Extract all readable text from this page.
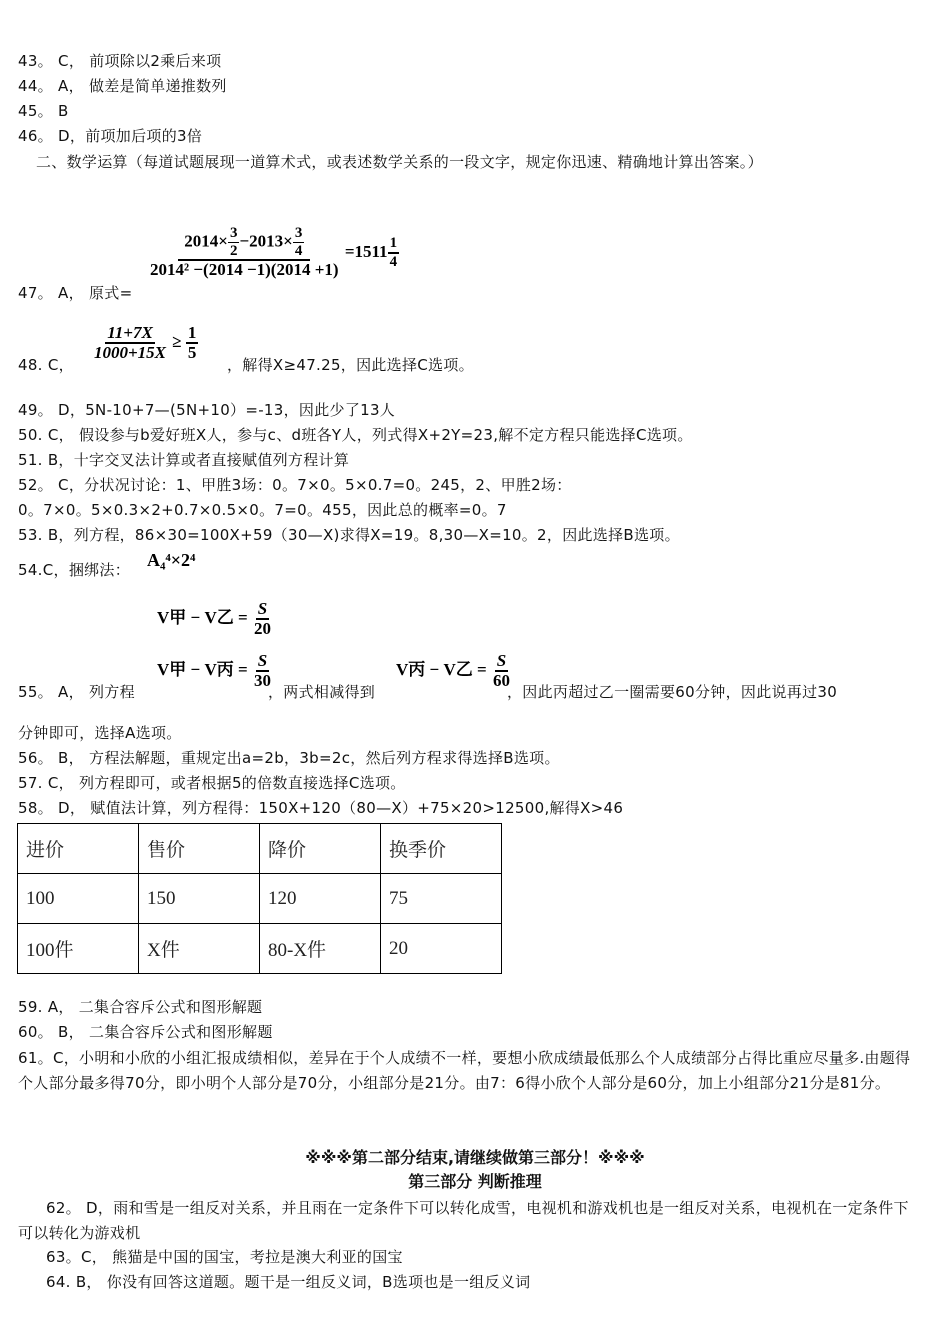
43。 C， 前项除以2乘后来项
44。 A， 做差是简单递推数列
45。 B
46。 D，前项加后项的3倍
二、数学运算（每道试题展现一道算术式，或表述数学关系的一段文字，规定你迅速、精确地计算出答案。）
$\frac{2014\times \frac{3}{2} -2013\times \frac{3}{4}}{\text{2014² −(2014 −1)(2014 +1)}} =1511 \frac{1}{4}$
47。 A， 原式=
$\frac{11+7X}{1000+15X} \ge \frac{1}{5}$
48. C，	，解得X≥47.25，因此选择C选项。
49。 D，5N-10+7—(5N+10）=-13，因此少了13人
50. C， 假设参与b爱好班X人，参与c、d班各Y人，列式得X+2Y=23,解不定方程只能选择C选项。
51. B，十字交叉法计算或者直接赋值列方程计算
52。 C，分状况讨论：1、甲胜3场：0。7×0。5×0.7=0。245，2、甲胜2场：
0。7×0。5×0.3×2+0.7×0.5×0。7=0。455，因此总的概率=0。7
53. B，列方程，86×30=100X+59（30—X)求得X=19。8,30—X=10。2，因此选择B选项。
54.C，捆绑法： A₄⁴×2⁴
V甲 − V乙 = $\frac{S}{20}$
V甲 − V丙 = $\frac{S}{30}$	V丙 − V乙 = $\frac{S}{60}$
55。 A， 列方程	，两式相减得到	，因此丙超过乙一圈需要60分钟，因此说再过30
分钟即可，选择A选项。
56。 B， 方程法解题，重规定出a=2b，3b=2c，然后列方程求得选择B选项。
57. C， 列方程即可，或者根据5的倍数直接选择C选项。
58。 D， 赋值法计算，列方程得：150X+120（80—X）+75×20>12500,解得X>46
进价	售价	降价	换季价
100	150	120	75
100件	X件	80-X件	20
59. A， 二集合容斥公式和图形解题
60。 B， 二集合容斥公式和图形解题
61。C，小明和小欣的小组汇报成绩相似，差异在于个人成绩不一样，要想小欣成绩最低那么个人成绩部分占得比重应尽量多.由题得个人部分最多得70分，即小明个人部分是70分，小组部分是21分。由7：6得小欣个人部分是60分，加上小组部分21分是81分。
※※※第二部分结束,请继续做第三部分！※※※
第三部分 判断推理
62。 D，雨和雪是一组反对关系，并且雨在一定条件下可以转化成雪，电视机和游戏机也是一组反对关系，电视机在一定条件下可以转化为游戏机
63。C， 熊猫是中国的国宝，考拉是澳大利亚的国宝
64. B， 你没有回答这道题。题干是一组反义词，B选项也是一组反义词
